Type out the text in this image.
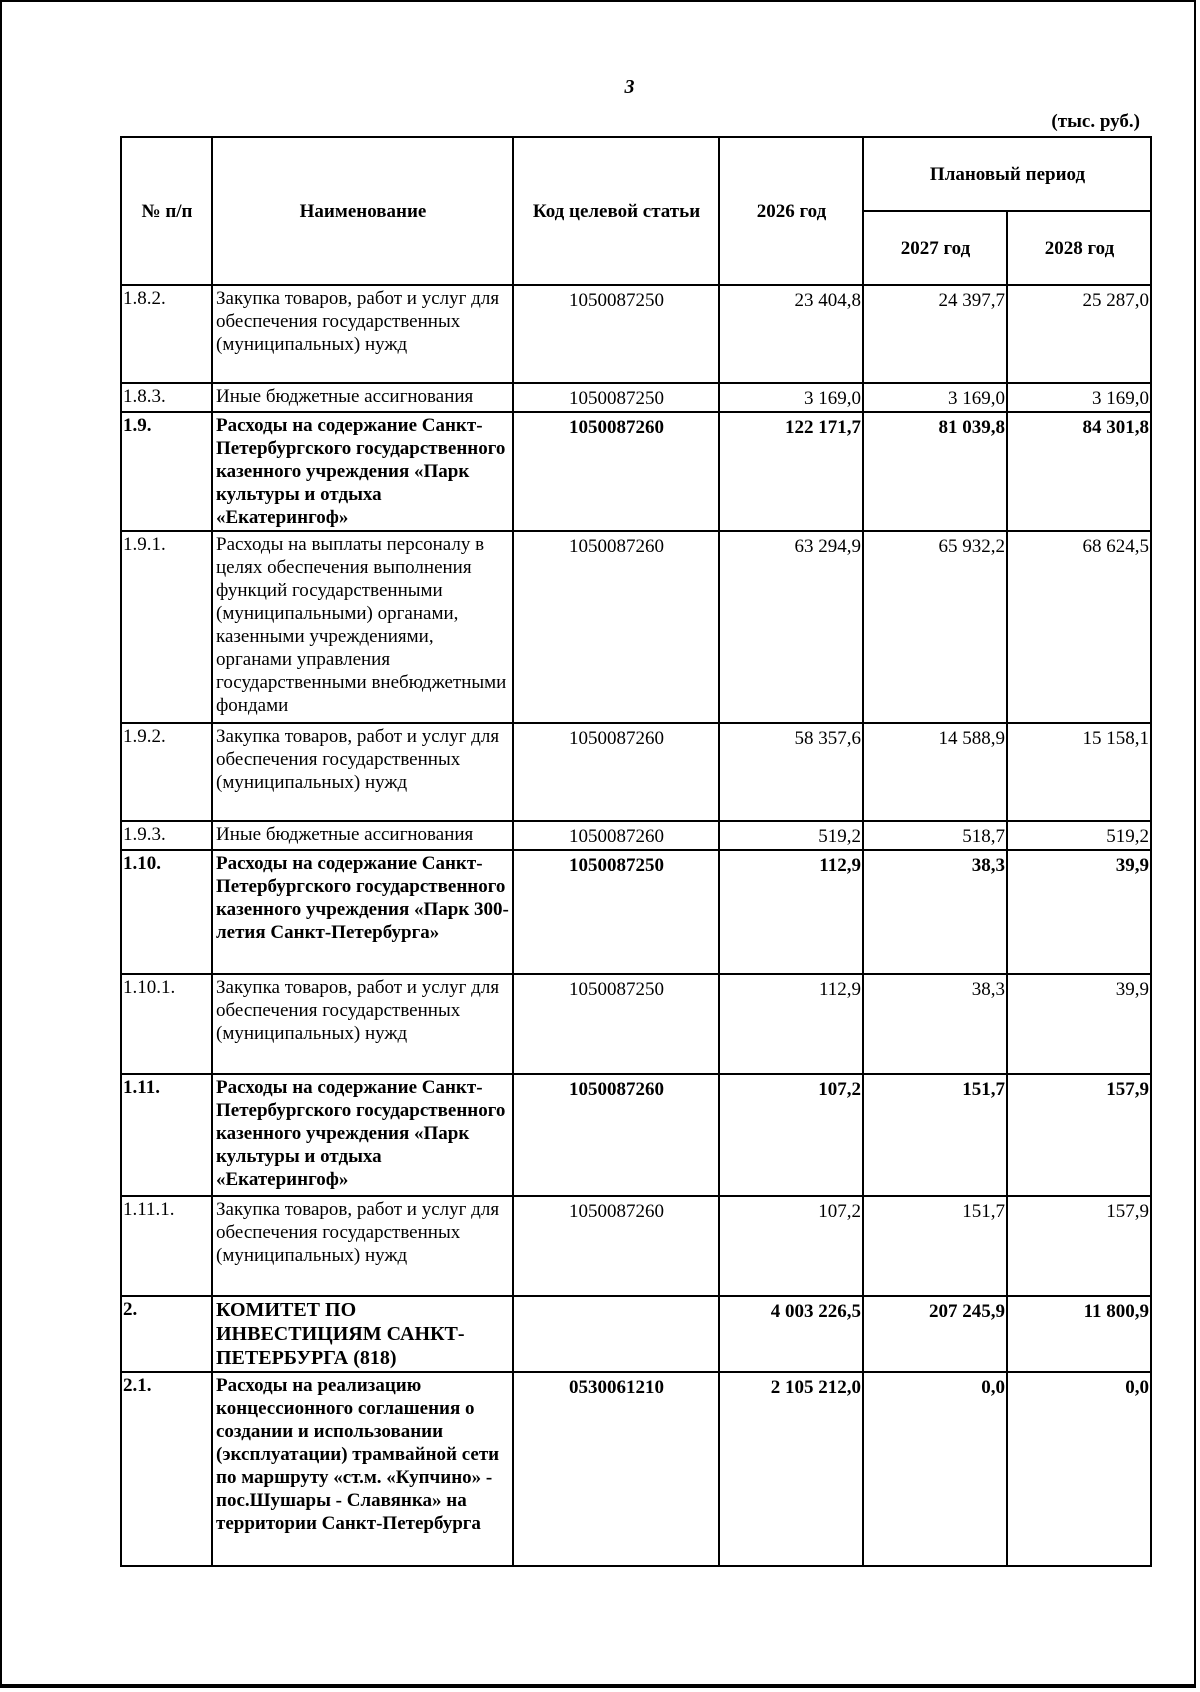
3
(тыс. руб.)
№ п/п	Наименование	Код целевой статьи	2026 год	Плановый период	
				2027 год	2028 год
1.8.2.	Закупка товаров, работ и услуг для обеспечения государственных (муниципальных) нужд	1050087250	23 404,8	24 397,7	25 287,0
1.8.3.	Иные бюджетные ассигнования	1050087250	3 169,0	3 169,0	3 169,0
1.9.	Расходы на содержание Санкт-Петербургского государственного казенного учреждения «Парк культуры и отдыха «Екатерингоф»	1050087260	122 171,7	81 039,8	84 301,8
1.9.1.	Расходы на выплаты персоналу в целях обеспечения выполнения функций государственными (муниципальными) органами, казенными учреждениями, органами управления государственными внебюджетными фондами	1050087260	63 294,9	65 932,2	68 624,5
1.9.2.	Закупка товаров, работ и услуг для обеспечения государственных (муниципальных) нужд	1050087260	58 357,6	14 588,9	15 158,1
1.9.3.	Иные бюджетные ассигнования	1050087260	519,2	518,7	519,2
1.10.	Расходы на содержание Санкт-Петербургского государственного казенного учреждения «Парк 300-летия Санкт-Петербурга»	1050087250	112,9	38,3	39,9
1.10.1.	Закупка товаров, работ и услуг для обеспечения государственных (муниципальных) нужд	1050087250	112,9	38,3	39,9
1.11.	Расходы на содержание Санкт-Петербургского государственного казенного учреждения «Парк культуры и отдыха «Екатерингоф»	1050087260	107,2	151,7	157,9
1.11.1.	Закупка товаров, работ и услуг для обеспечения государственных (муниципальных) нужд	1050087260	107,2	151,7	157,9
2.	КОМИТЕТ ПО ИНВЕСТИЦИЯМ САНКТ-ПЕТЕРБУРГА (818)		4 003 226,5	207 245,9	11 800,9
2.1.	Расходы на реализацию концессионного соглашения о создании и использовании (эксплуатации) трамвайной сети по маршруту «ст.м. «Купчино» - пос.Шушары - Славянка» на территории Санкт-Петербурга	0530061210	2 105 212,0	0,0	0,0
